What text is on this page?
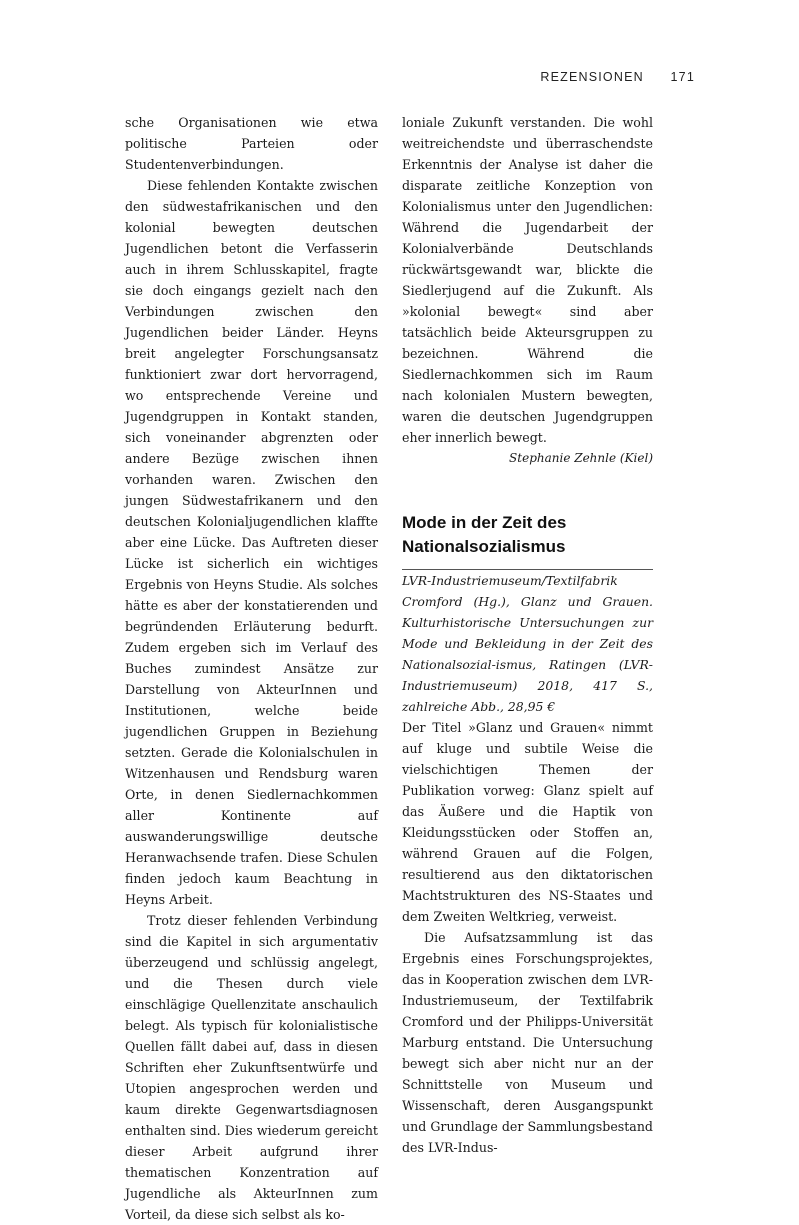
REZENSIONEN 171

sche Organisationen wie etwa politische Parteien oder Studentenverbindungen.

Diese fehlenden Kontakte zwischen den südwestafrikanischen und den kolonial bewegten deutschen Jugendlichen betont die Verfasserin auch in ihrem Schlusskapitel, fragte sie doch eingangs gezielt nach den Verbindungen zwischen den Jugendlichen beider Länder. Heyns breit angelegter Forschungsansatz funktioniert zwar dort hervorragend, wo entsprechende Vereine und Jugendgruppen in Kontakt standen, sich voneinander abgrenzten oder andere Bezüge zwischen ihnen vorhanden waren. Zwischen den jungen Südwestafrikanern und den deutschen Kolonialjugendlichen klaffte aber eine Lücke. Das Auftreten dieser Lücke ist sicherlich ein wichtiges Ergebnis von Heyns Studie. Als solches hätte es aber der konstatierenden und begründenden Erläuterung bedurft. Zudem ergeben sich im Verlauf des Buches zumindest Ansätze zur Darstellung von AkteurInnen und Institutionen, welche beide jugendlichen Gruppen in Beziehung setzten. Gerade die Kolonialschulen in Witzenhausen und Rendsburg waren Orte, in denen Siedlernachkommen aller Kontinente auf auswanderungswillige deutsche Heranwachsende trafen. Diese Schulen finden jedoch kaum Beachtung in Heyns Arbeit.

Trotz dieser fehlenden Verbindung sind die Kapitel in sich argumentativ überzeugend und schlüssig angelegt, und die Thesen durch viele einschlägige Quellenzitate anschaulich belegt. Als typisch für kolonialistische Quellen fällt dabei auf, dass in diesen Schriften eher Zukunftsentwürfe und Utopien angesprochen werden und kaum direkte Gegenwartsdiagnosen enthalten sind. Dies wiederum gereicht dieser Arbeit aufgrund ihrer thematischen Konzentration auf Jugendliche als AkteurInnen zum Vorteil, da diese sich selbst als ko-

loniale Zukunft verstanden. Die wohl weitreichendste und überraschendste Erkenntnis der Analyse ist daher die disparate zeitliche Konzeption von Kolonialismus unter den Jugendlichen: Während die Jugendarbeit der Kolonialverbände Deutschlands rückwärtsgewandt war, blickte die Siedlerjugend auf die Zukunft. Als »kolonial bewegt« sind aber tatsächlich beide Akteursgruppen zu bezeichnen. Während die Siedlernachkommen sich im Raum nach kolonialen Mustern bewegten, waren die deutschen Jugendgruppen eher innerlich bewegt.

Stephanie Zehnle (Kiel)

Mode in der Zeit des Nationalsozialismus

LVR-Industriemuseum/Textilfabrik Cromford (Hg.), Glanz und Grauen. Kulturhistorische Untersuchungen zur Mode und Bekleidung in der Zeit des Nationalsozial-ismus, Ratingen (LVR-Industriemuseum) 2018, 417 S., zahlreiche Abb., 28,95 €

Der Titel »Glanz und Grauen« nimmt auf kluge und subtile Weise die vielschichtigen Themen der Publikation vorweg: Glanz spielt auf das Äußere und die Haptik von Kleidungsstücken oder Stoffen an, während Grauen auf die Folgen, resultierend aus den diktatorischen Machtstrukturen des NS-Staates und dem Zweiten Weltkrieg, verweist.

Die Aufsatzsammlung ist das Ergebnis eines Forschungsprojektes, das in Kooperation zwischen dem LVR-Industriemuseum, der Textilfabrik Cromford und der Philipps-Universität Marburg entstand. Die Untersuchung bewegt sich aber nicht nur an der Schnittstelle von Museum und Wissenschaft, deren Ausgangspunkt und Grundlage der Sammlungsbestand des LVR-Indus-
